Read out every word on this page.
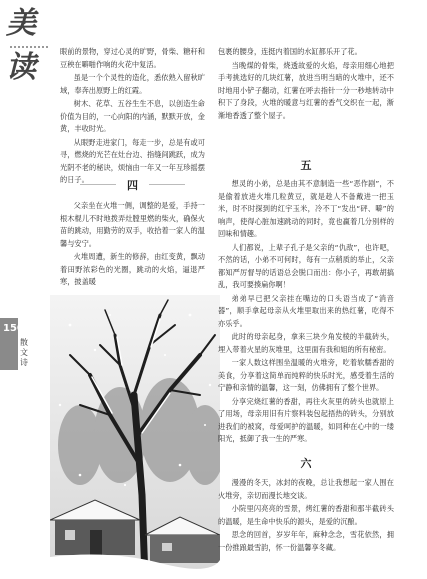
美读
150
散文诗

眼前的景物，穿过心灵的旷野，骨柴、糖秆和豆秧在噼啪作响的火花中复活。

虽是一个个灵性的造化，悉依熟入留秋旷域，奉奔出原野上的红霞。

树木、花草、五谷生生不息，以创造生命价值为目的，一心向阳的内涵，默默开放，金黄，丰收时光。

从眼野走进家门，每走一步，总是有或可寻，燃烧的光芒在灶台边、指缝间跳跃，成为光阴不老的秘诀，烦恼由一年又一年互珍摇摆的日子。	四

父亲坐在火堆一侧，调整的是爱，手持一根木棍儿不时地拨弄灶膛里燃的柴火，确保火苗的跳动，用勤劳的双手，收拾着一家人的温馨与安宁。

火堆周遭，新生的修辞，由红变黄，飘动着田野浓彩色的光圈，跳动的火焰，逼退严寒，披盖暖

包裹的腰身，连挺内着国的水缸都乐开了花。

当晚煤的骨柴，烧透故爱的火焰，母亲用细心地把手考挑选好的几块红薯，放进当明当暗的火堆中，还不时地用小铲子翻动，红薯在呼去指针一分一秒地转动中积下了身段，火堆的暖意与红薯的香气交织在一起，渐渐地香透了整个屋子。

五

想灵的小弟，总是由其不意制造一些“恶作剧”，不是偷着放进火堆几粒黄豆，就是趁人不备戴进一把玉米，时不时探到的红宇玉米，冷不丁“发出“砰、噼”的响声，使得心脏加速跳动的同时，竟也赢着几分别样的回味和情趣。

人们都说，上辈子孔子是父亲的“仇敌”，也许吧，不然的话，小弟不可何时，每有一点稍质的举止，父亲都知严厉督导的话语总会脱口而出：你小子，再敢胡搞乱，我可要揍扁你啊！

弟弟早已把父亲挂在嘴边的口头语当成了“消音器”，顺手拿起母亲从火堆里取出来的热红薯，吃得不亦乐乎。

此时的母亲起身，拿来三块少角发棱的半截砖头，埋入带着火星的灰堆里，这里面有我和姐的所有秘密。

一家人数这样围坐温暖的火堆旁，吃着软糯香甜的美食，分享着这简单而纯粹的快乐时光，感受着生活的宁静和亲情的温馨，这一刻，仿佛拥有了整个世界。

分享完烧红薯的香甜，再往火灰里的砖头也就原上了用场，母亲用旧有片察料装包起捂热的砖头，分别放进我们的被窝，母爱呵护的温暖，如同种在心中的一缕阳光，抵御了我一生的严寒。

六

漫漫的冬天，冰封的夜晚，总让我想起一家人围在火堆旁，亲切而漫长地交谈。

小院里闪亮亮的雪景，烤红薯的香甜和那半截砖头的温暖，是生命中快乐的源头，是爱的沉酿。

思念的回首，岁岁年年，麻种念念，雪花依然，拥一份推踉最雪韵，怀一份温馨享冬藏。
